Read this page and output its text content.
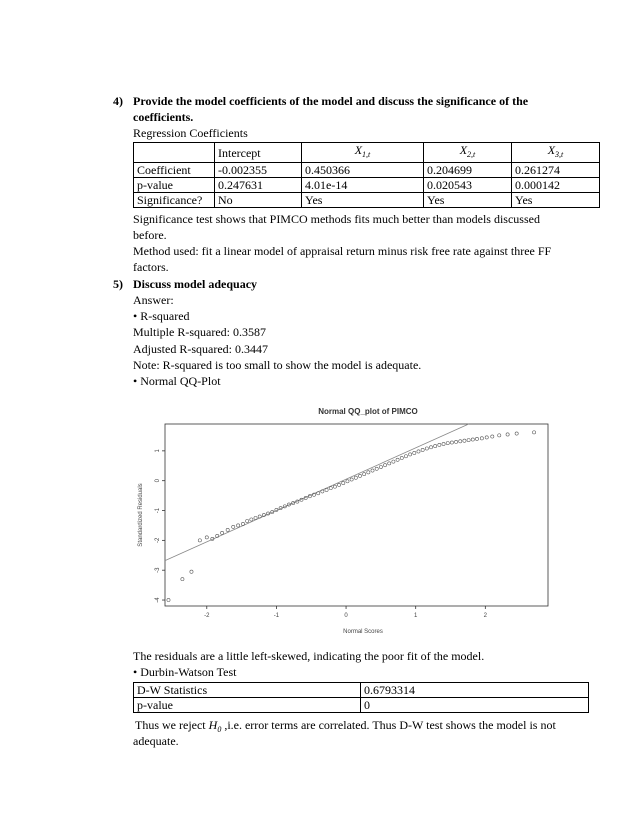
4) Provide the model coefficients of the model and discuss the significance of the
coefficients.
Regression Coefficients
	Intercept	$X_{1,t}$	$X_{2,t}$	$X_{3,t}$
Coefficient	-0.002355	0.450366	0.204699	0.261274
p-value	0.247631	4.01e-14	0.020543	0.000142
Significance?	No	Yes	Yes	Yes
Significance test shows that PIMCO methods fits much better than models discussed
before.
Method used: fit a linear model of appraisal return minus risk free rate against three FF
factors.
5) Discuss model adequacy
Answer:
• R-squared
Multiple R-squared: 0.3587
Adjusted R-squared: 0.3447
Note: R-squared is too small to show the model is adequate.
• Normal QQ-Plot
Normal QQ_plot of PIMCO
-4
-3
-2
-1
0
1
-2	-1	0	1	2
Normal Scores
Standardized Residuals
The residuals are a little left-skewed, indicating the poor fit of the model.
• Durbin-Watson Test
D-W Statistics	0.6793314
p-value	0
Thus we reject $H_0$ ,i.e. error terms are correlated. Thus D-W test shows the model is not
adequate.
